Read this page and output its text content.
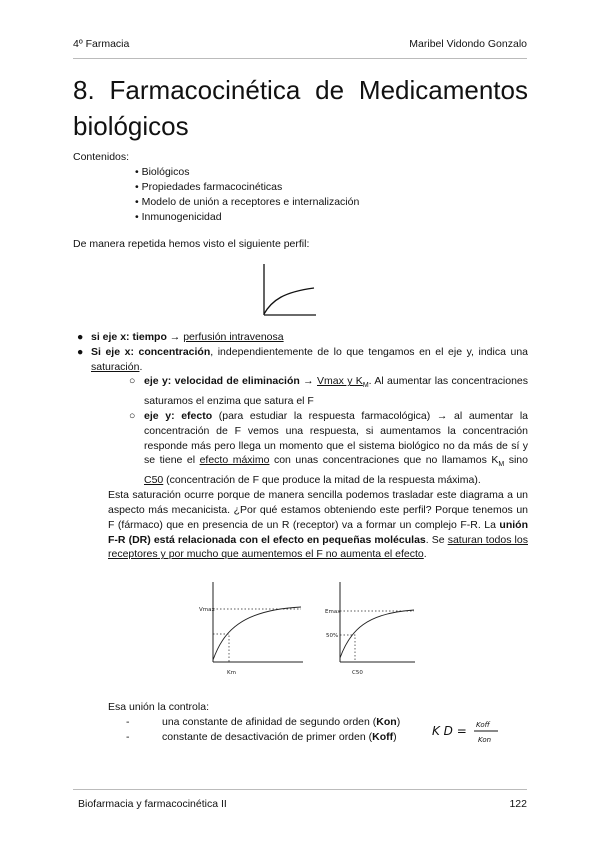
4º Farmacia	Maribel Vidondo Gonzalo
8. Farmacocinética de Medicamentos biológicos
Contenidos:
• Biológicos
• Propiedades farmacocinéticas
• Modelo de unión a receptores e internalización
• Inmunogenicidad
De manera repetida hemos visto el siguiente perfil:
● si eje x: tiempo → perfusión intravenosa
● Si eje x: concentración, independientemente de lo que tengamos en el eje y, indica una saturación.
○ eje y: velocidad de eliminación → Vmax y $K_M$. Al aumentar las concentraciones saturamos el enzima que satura el F
○ eje y: efecto (para estudiar la respuesta farmacológica) → al aumentar la concentración de F vemos una respuesta, si aumentamos la concentración responde más pero llega un momento que el sistema biológico no da más de sí y se tiene el efecto máximo con unas concentraciones que no llamamos $K_M$ sino C50 (concentración de F que produce la mitad de la respuesta máxima).
Esta saturación ocurre porque de manera sencilla podemos trasladar este diagrama a un aspecto más mecanicista. ¿Por qué estamos obteniendo este perfil? Porque tenemos un F (fármaco) que en presencia de un R (receptor) va a formar un complejo F-R. La unión F-R (DR) está relacionada con el efecto en pequeñas moléculas. Se saturan todos los receptores y por mucho que aumentemos el F no aumenta el efecto.
Vmax
Km
Emax
50%
C50
Esa unión la controla:
-	una constante de afinidad de segundo orden (Kon)
-	constante de desactivación de primer orden (Koff)	K D = Koff
Kon
Biofarmacia y farmacocinética II	122
